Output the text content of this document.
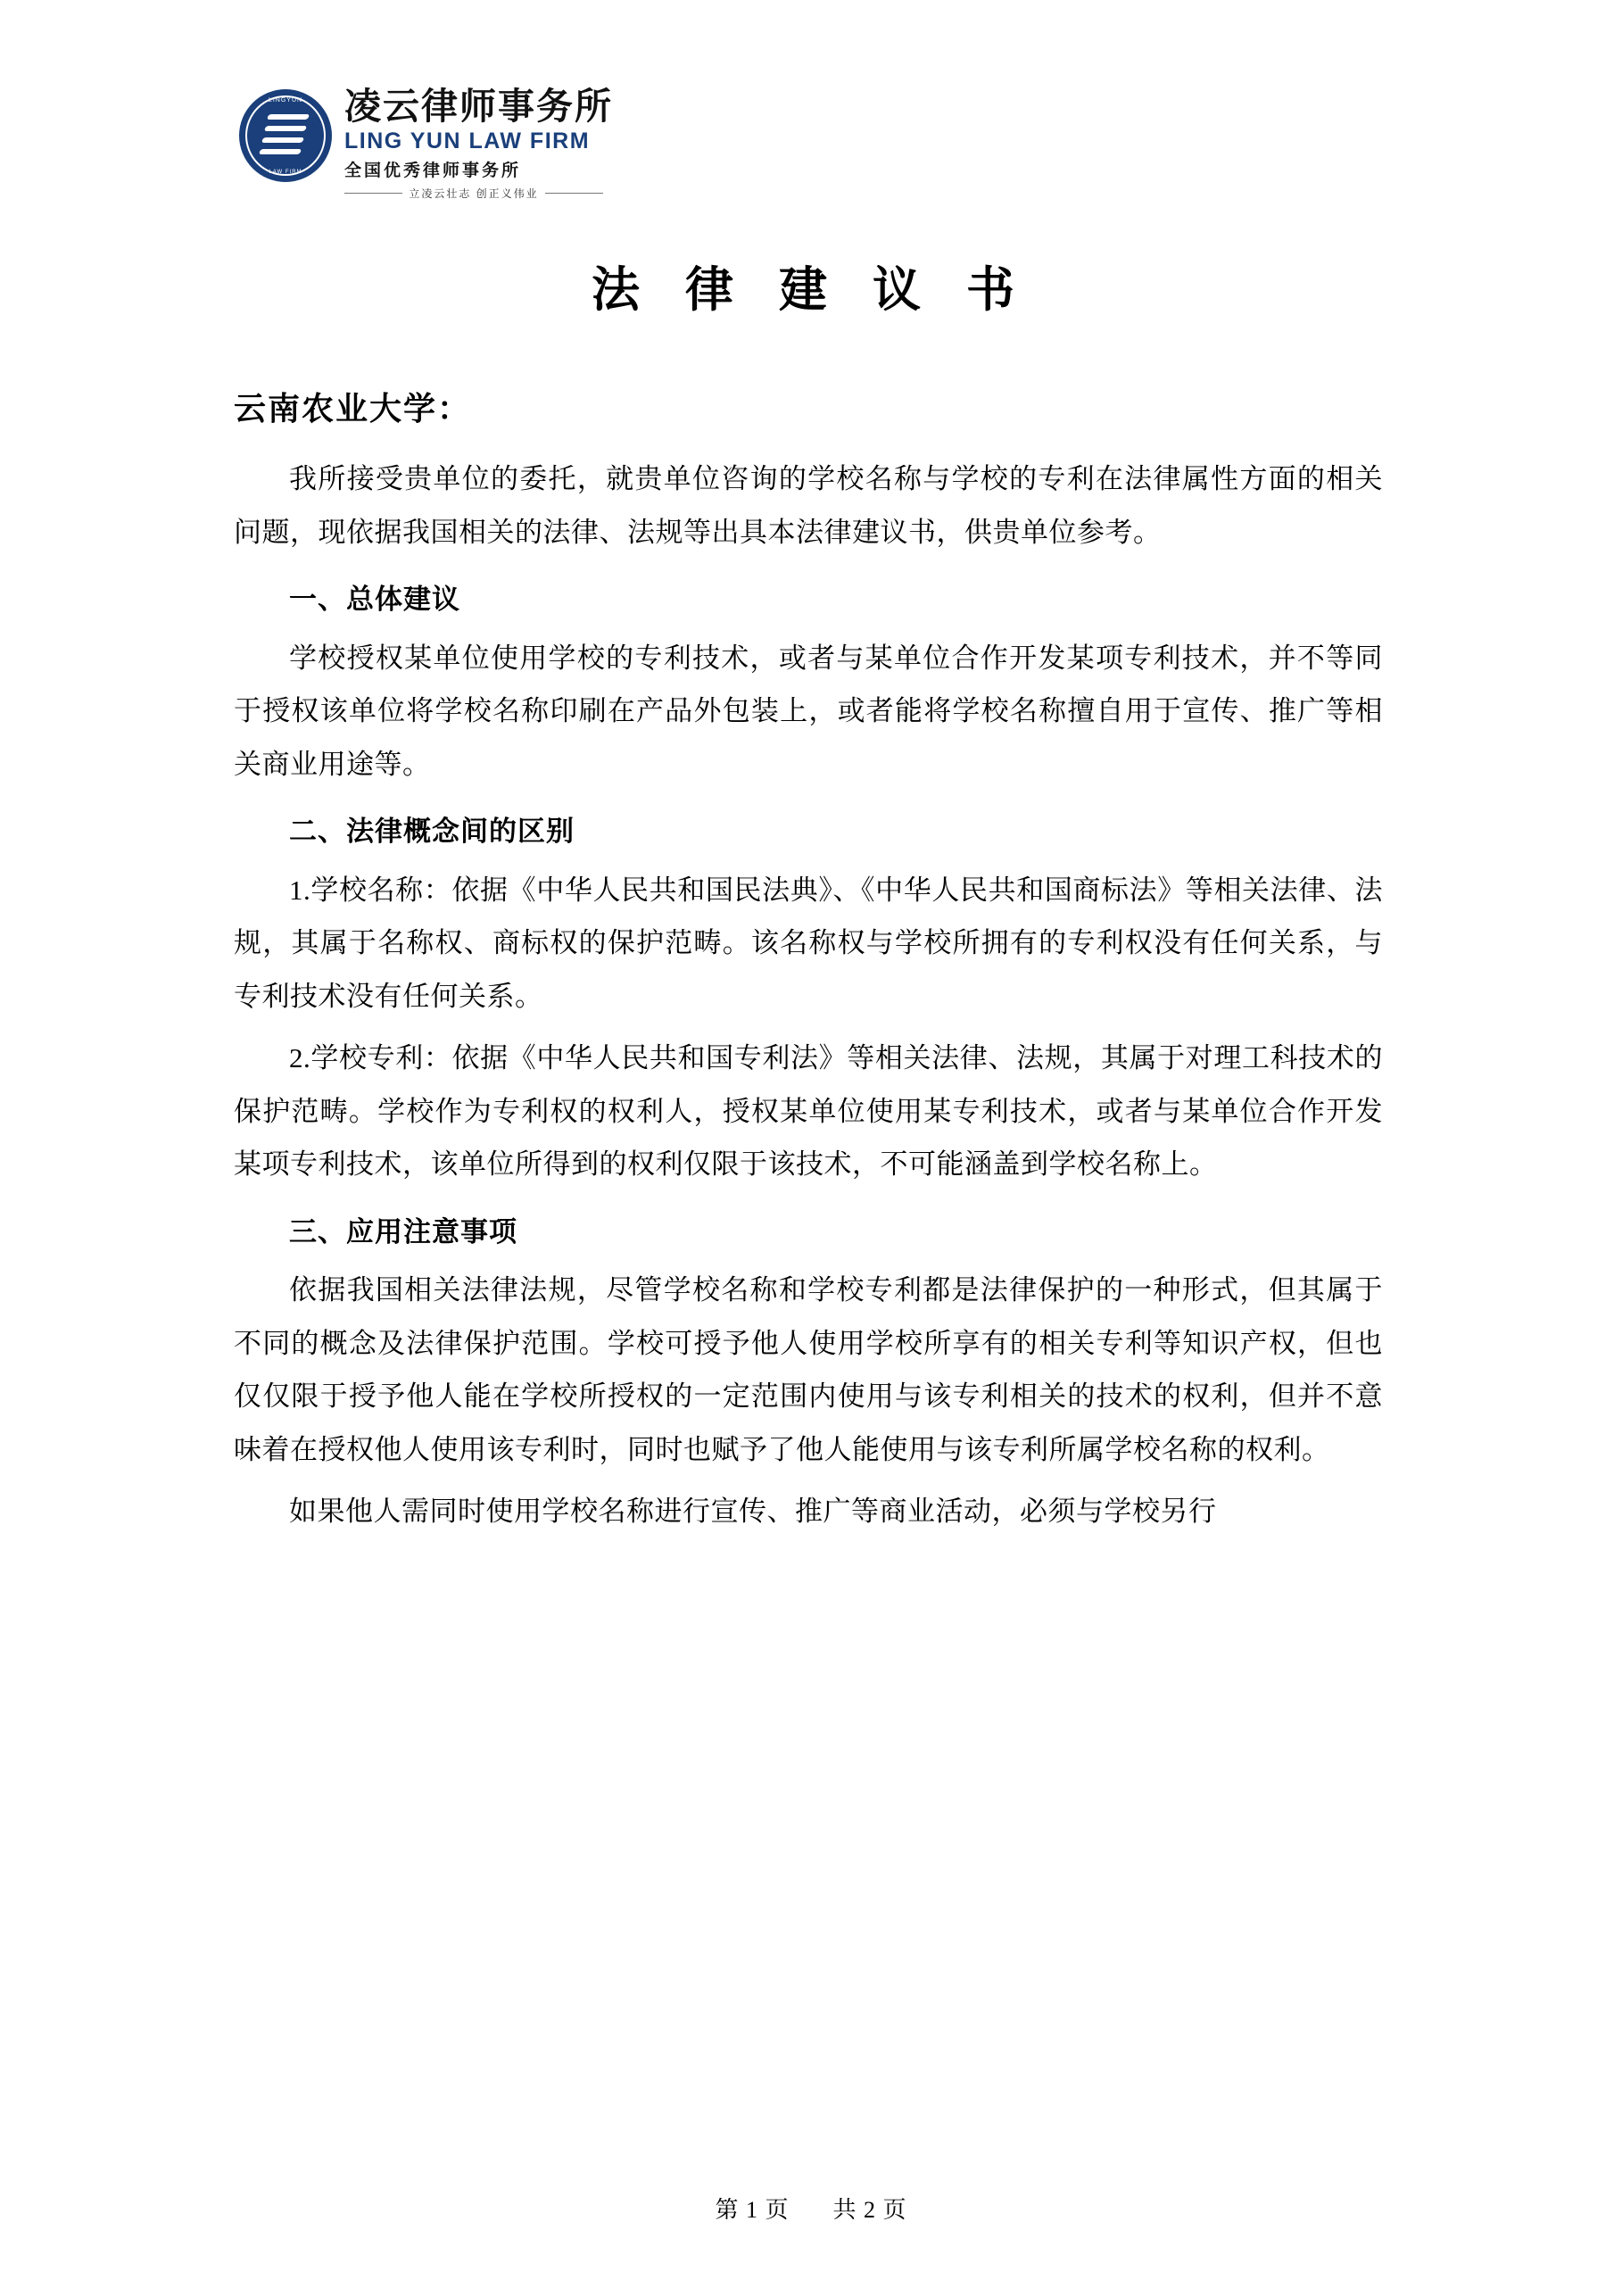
LINGYUN
LAW FIRM
凌云律师事务所
LING YUN LAW FIRM
全国优秀律师事务所
立凌云壮志 创正义伟业
法 律 建 议 书
云南农业大学：

我所接受贵单位的委托，就贵单位咨询的学校名称与学校的专利在法律属性方面的相关问题，现依据我国相关的法律、法规等出具本法律建议书，供贵单位参考。

一、总体建议

学校授权某单位使用学校的专利技术，或者与某单位合作开发某项专利技术，并不等同于授权该单位将学校名称印刷在产品外包装上，或者能将学校名称擅自用于宣传、推广等相关商业用途等。

二、法律概念间的区别

1.学校名称：依据《中华人民共和国民法典》、《中华人民共和国商标法》等相关法律、法规，其属于名称权、商标权的保护范畴。该名称权与学校所拥有的专利权没有任何关系，与专利技术没有任何关系。

2.学校专利：依据《中华人民共和国专利法》等相关法律、法规，其属于对理工科技术的保护范畴。学校作为专利权的权利人，授权某单位使用某专利技术，或者与某单位合作开发某项专利技术，该单位所得到的权利仅限于该技术，不可能涵盖到学校名称上。

三、应用注意事项

依据我国相关法律法规，尽管学校名称和学校专利都是法律保护的一种形式，但其属于不同的概念及法律保护范围。学校可授予他人使用学校所享有的相关专利等知识产权，但也仅仅限于授予他人能在学校所授权的一定范围内使用与该专利相关的技术的权利，但并不意味着在授权他人使用该专利时，同时也赋予了他人能使用与该专利所属学校名称的权利。

如果他人需同时使用学校名称进行宣传、推广等商业活动，必须与学校另行

第 1 页 共 2 页
